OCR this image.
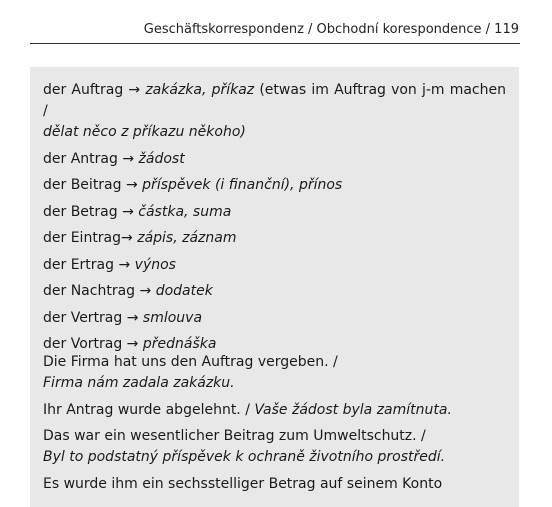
Geschäftskorrespondenz / Obchodní korespondence / 119
der Auftrag → zakázka, příkaz (etwas im Auftrag von j-m machen /
dělat něco z příkazu někoho)
der Antrag → žádost
der Beitrag → příspěvek (i finanční), přínos
der Betrag → částka, suma
der Eintrag→ zápis, záznam
der Ertrag → výnos
der Nachtrag → dodatek
der Vertrag → smlouva
der Vortrag → přednáška
Die Firma hat uns den Auftrag vergeben. /
Firma nám zadala zakázku.
Ihr Antrag wurde abgelehnt. / Vaše žádost byla zamítnuta.
Das war ein wesentlicher Beitrag zum Umweltschutz. /
Byl to podstatný příspěvek k ochraně životního prostředí.
Es wurde ihm ein sechsstelliger Betrag auf seinem Konto
